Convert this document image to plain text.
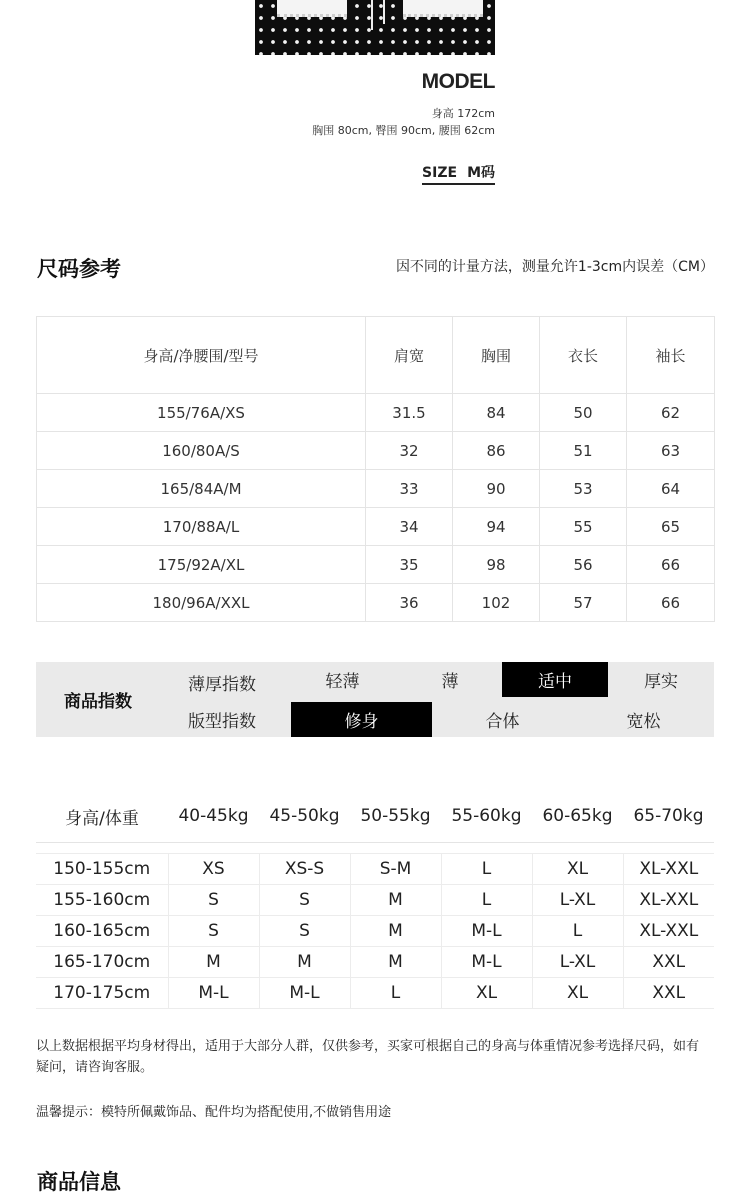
MODEL
身高 172cm
胸围 80cm, 臀围 90cm, 腰围 62cm
SIZE M码
尺码参考	因不同的计量方法，测量允许1-3cm内误差（CM）
身高/净腰围/型号	肩宽	胸围	衣长	袖长
155/76A/XS	31.5	84	50	62
160/80A/S	32	86	51	63
165/84A/M	33	90	53	64
170/88A/L	34	94	55	65
175/92A/XL	35	98	56	66
180/96A/XXL	36	102	57	66
商品指数
薄厚指数	轻薄	薄	适中	厚实
版型指数	修身	合体	宽松
身高/体重	40-45kg	45-50kg	50-55kg	55-60kg	60-65kg	65-70kg

150-155cm	XS	XS-S	S-M	L	XL	XL-XXL
155-160cm	S	S	M	L	L-XL	XL-XXL
160-165cm	S	S	M	M-L	L	XL-XXL
165-170cm	M	M	M	M-L	L-XL	XXL
170-175cm	M-L	M-L	L	XL	XL	XXL
以上数据根据平均身材得出，适用于大部分人群，仅供参考，买家可根据自己的身高与体重情况参考选择尺码，如有疑问，请咨询客服。
温馨提示：模特所佩戴饰品、配件均为搭配使用,不做销售用途
商品信息
